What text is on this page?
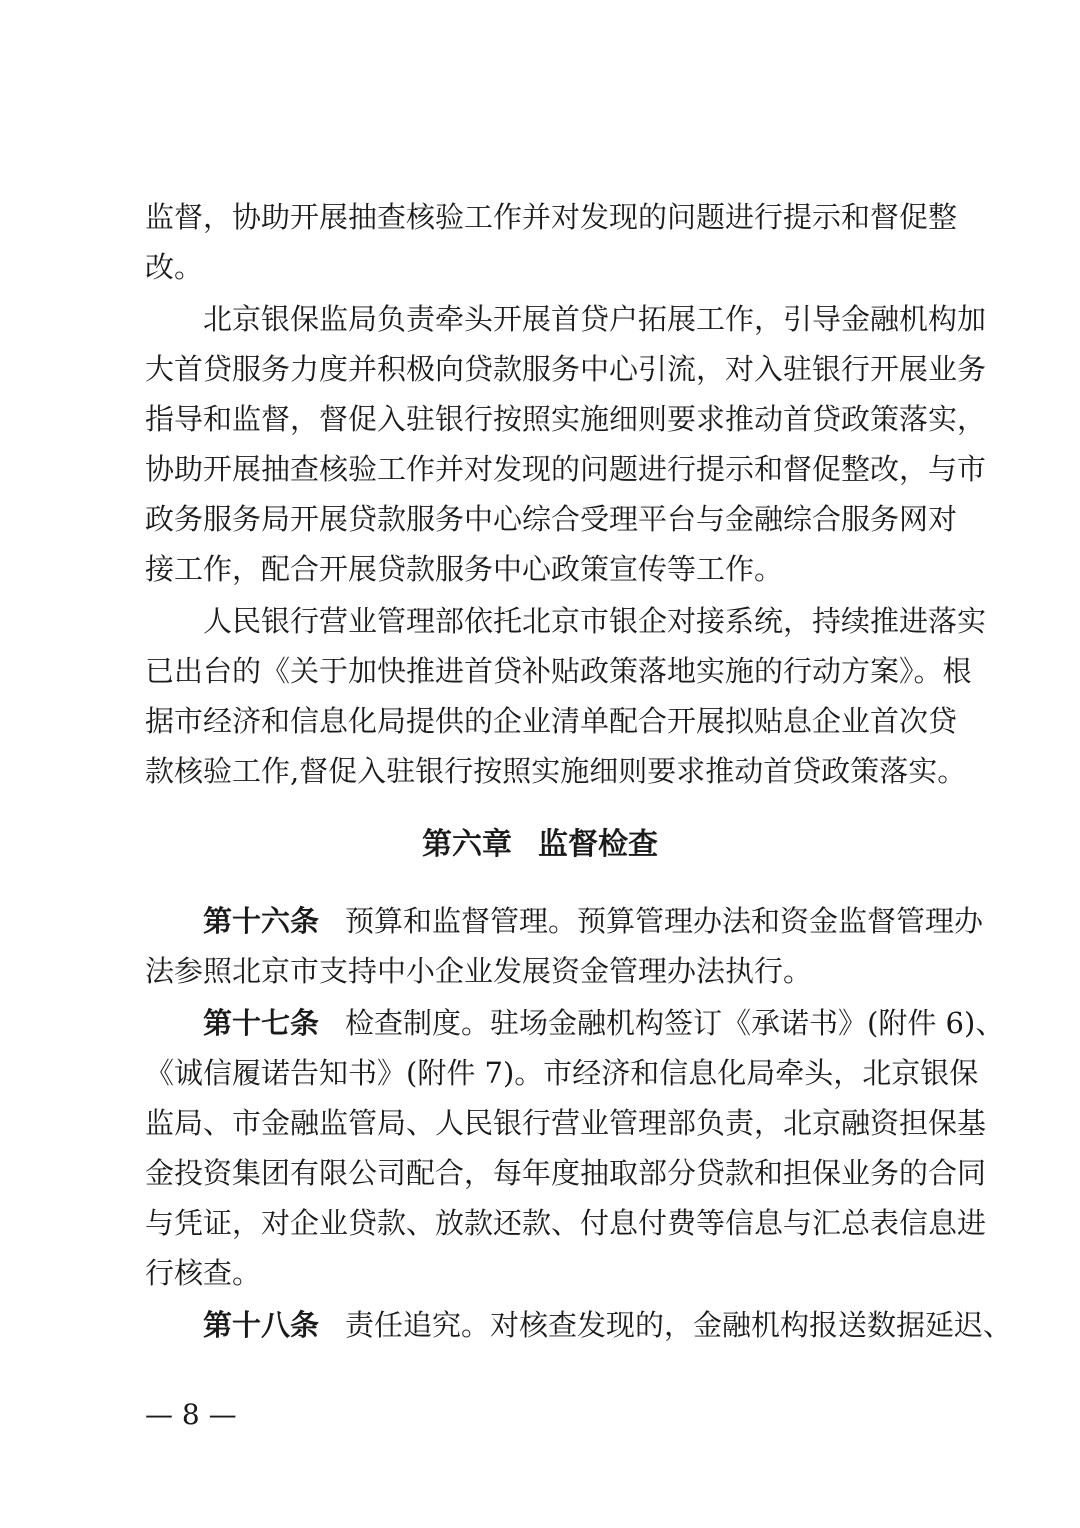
监督，协助开展抽查核验工作并对发现的问题进行提示和督促整
改。
北京银保监局负责牵头开展首贷户拓展工作，引导金融机构加
大首贷服务力度并积极向贷款服务中心引流，对入驻银行开展业务
指导和监督，督促入驻银行按照实施细则要求推动首贷政策落实，
协助开展抽查核验工作并对发现的问题进行提示和督促整改，与市
政务服务局开展贷款服务中心综合受理平台与金融综合服务网对
接工作，配合开展贷款服务中心政策宣传等工作。
人民银行营业管理部依托北京市银企对接系统，持续推进落实
已出台的《关于加快推进首贷补贴政策落地实施的行动方案》。根
据市经济和信息化局提供的企业清单配合开展拟贴息企业首次贷
款核验工作,督促入驻银行按照实施细则要求推动首贷政策落实。
第六章 监督检查
第十六条 预算和监督管理。预算管理办法和资金监督管理办
法参照北京市支持中小企业发展资金管理办法执行。
第十七条 检查制度。驻场金融机构签订《承诺书》(附件 6)、
《诚信履诺告知书》(附件 7)。市经济和信息化局牵头，北京银保
监局、市金融监管局、人民银行营业管理部负责，北京融资担保基
金投资集团有限公司配合，每年度抽取部分贷款和担保业务的合同
与凭证，对企业贷款、放款还款、付息付费等信息与汇总表信息进
行核查。
第十八条 责任追究。对核查发现的，金融机构报送数据延迟、
— 8 —
